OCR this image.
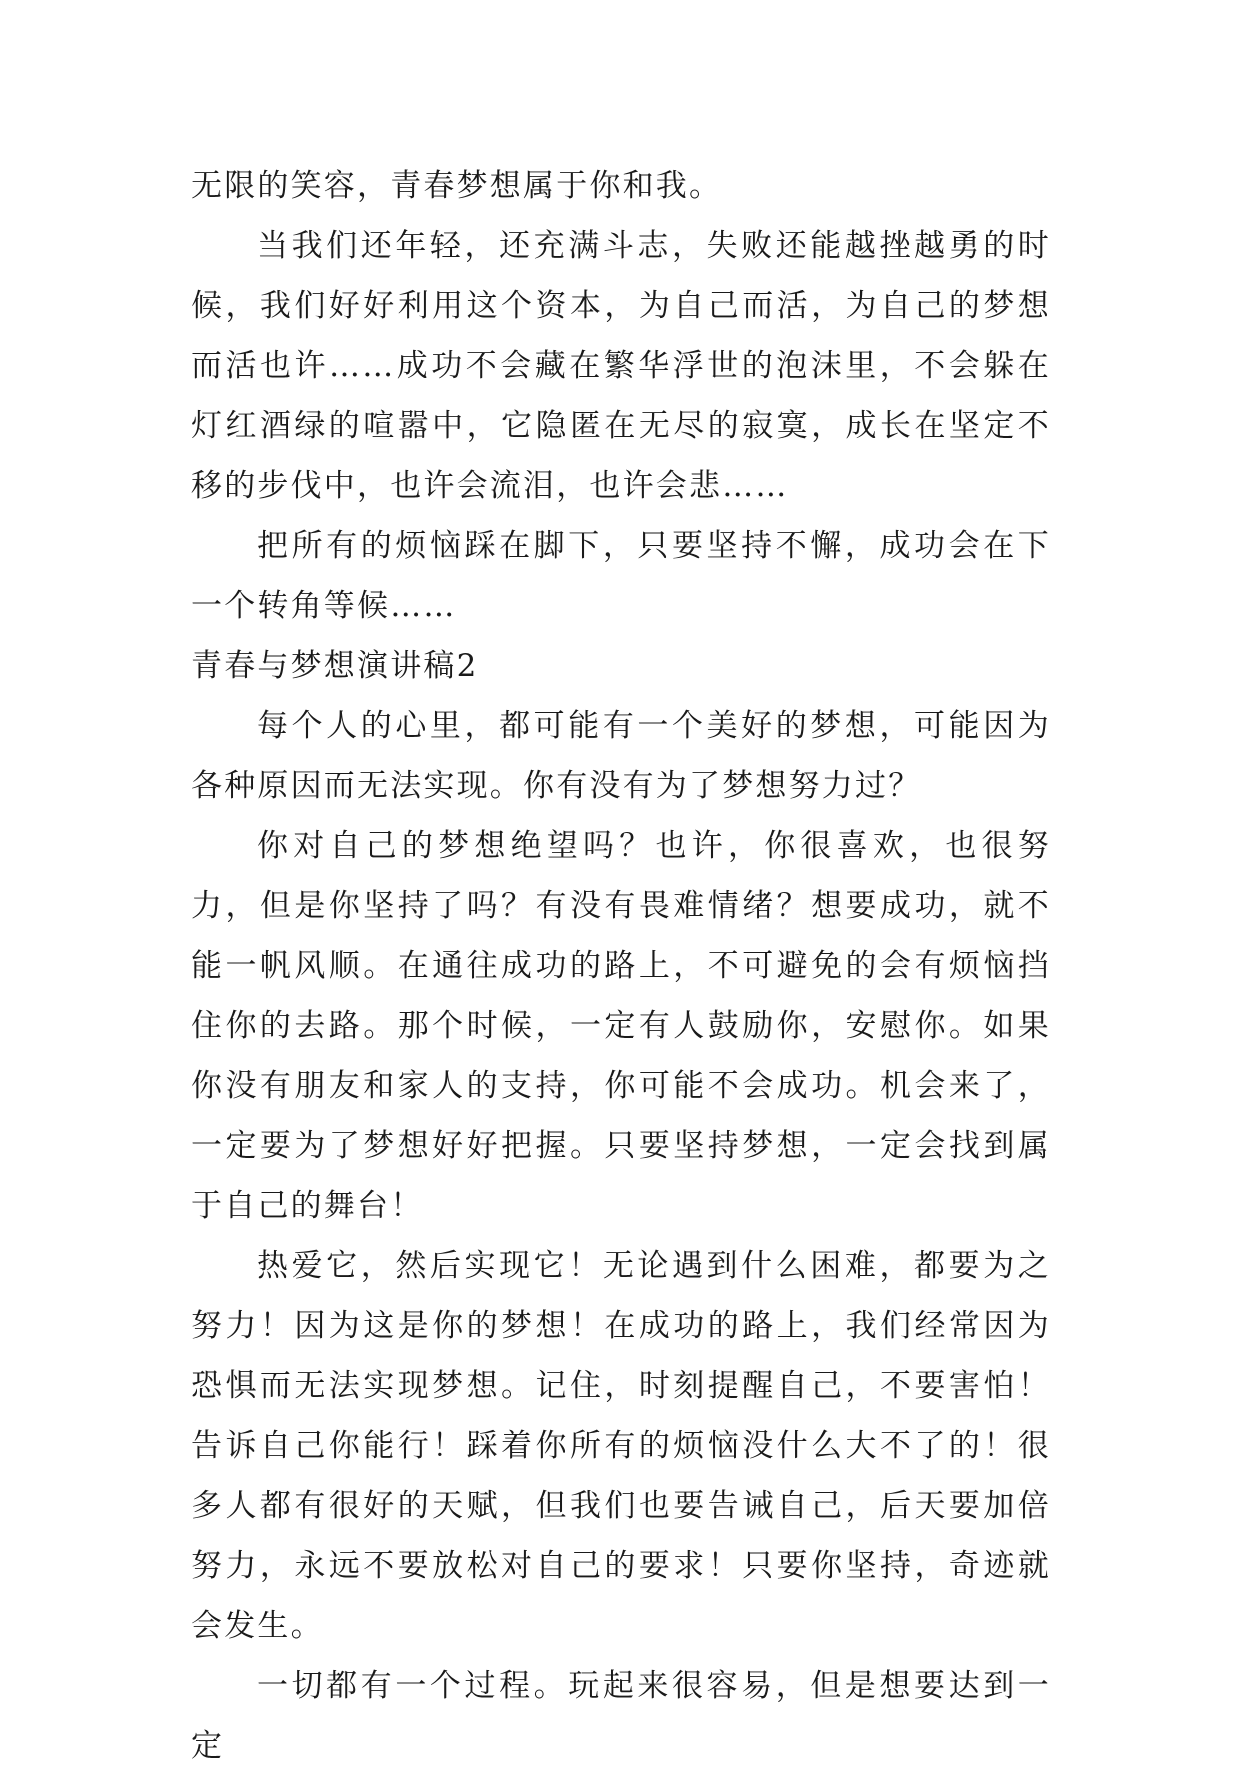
无限的笑容，青春梦想属于你和我。

当我们还年轻，还充满斗志，失败还能越挫越勇的时候，我们好好利用这个资本，为自己而活，为自己的梦想而活也许……成功不会藏在繁华浮世的泡沫里，不会躲在灯红酒绿的喧嚣中，它隐匿在无尽的寂寞，成长在坚定不移的步伐中，也许会流泪，也许会悲……

把所有的烦恼踩在脚下，只要坚持不懈，成功会在下一个转角等候……

青春与梦想演讲稿2

每个人的心里，都可能有一个美好的梦想，可能因为各种原因而无法实现。你有没有为了梦想努力过？

你对自己的梦想绝望吗？也许，你很喜欢，也很努力，但是你坚持了吗？有没有畏难情绪？想要成功，就不能一帆风顺。在通往成功的路上，不可避免的会有烦恼挡住你的去路。那个时候，一定有人鼓励你，安慰你。如果你没有朋友和家人的支持，你可能不会成功。机会来了，一定要为了梦想好好把握。只要坚持梦想，一定会找到属于自己的舞台！

热爱它，然后实现它！无论遇到什么困难，都要为之努力！因为这是你的梦想！在成功的路上，我们经常因为恐惧而无法实现梦想。记住，时刻提醒自己，不要害怕！告诉自己你能行！踩着你所有的烦恼没什么大不了的！很多人都有很好的天赋，但我们也要告诫自己，后天要加倍努力，永远不要放松对自己的要求！只要你坚持，奇迹就会发生。

一切都有一个过程。玩起来很容易，但是想要达到一定
